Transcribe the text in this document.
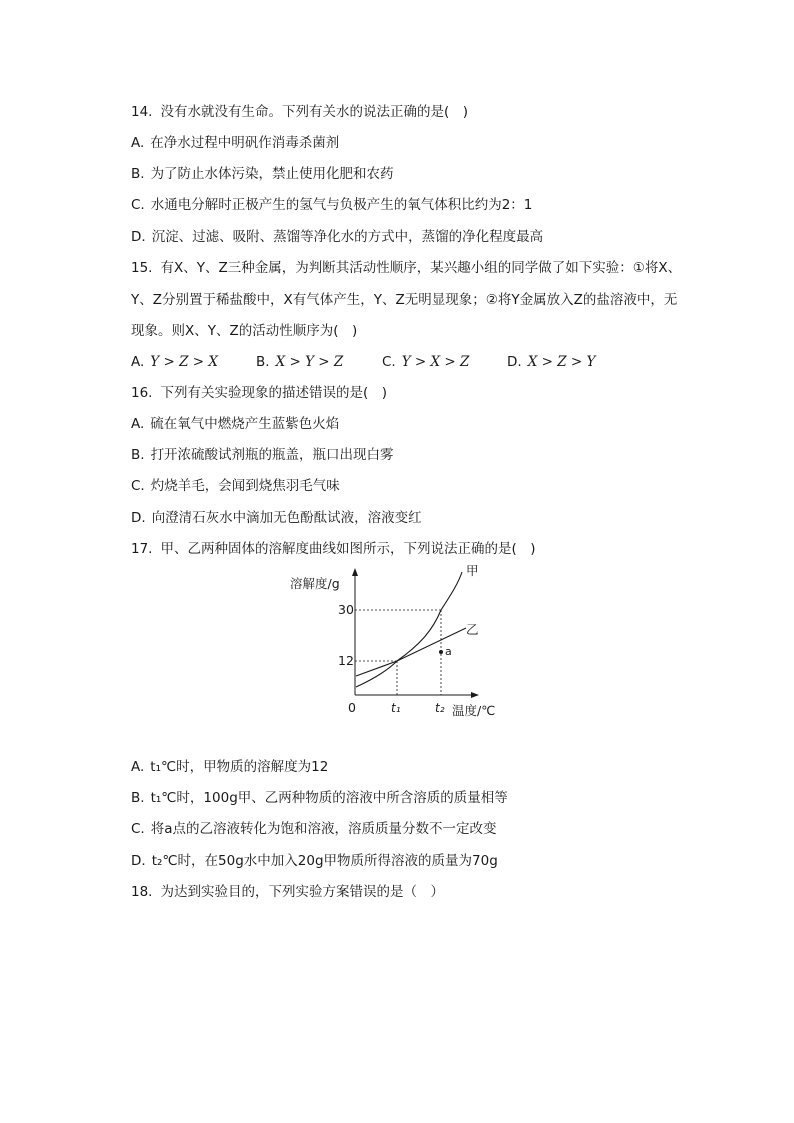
14. 没有水就没有生命。下列有关水的说法正确的是(　)
A. 在净水过程中明矾作消毒杀菌剂
B. 为了防止水体污染，禁止使用化肥和农药
C. 水通电分解时正极产生的氢气与负极产生的氧气体积比约为2：1
D. 沉淀、过滤、吸附、蒸馏等净化水的方式中，蒸馏的净化程度最高
15. 有X、Y、Z三种金属，为判断其活动性顺序，某兴趣小组的同学做了如下实验：①将X、
Y、Z分别置于稀盐酸中，X有气体产生，Y、Z无明显现象；②将Y金属放入Z的盐溶液中，无
现象。则X、Y、Z的活动性顺序为(　)
A. Y > Z > X	B. X > Y > Z	C. Y > X > Z	D. X > Z > Y
16. 下列有关实验现象的描述错误的是(　)
A. 硫在氧气中燃烧产生蓝紫色火焰
B. 打开浓硫酸试剂瓶的瓶盖，瓶口出现白雾
C. 灼烧羊毛，会闻到烧焦羽毛气味
D. 向澄清石灰水中滴加无色酚酞试液，溶液变红
17. 甲、乙两种固体的溶解度曲线如图所示，下列说法正确的是(　)
溶解度/g
30
12
0	t₁	t₂ 温度/℃
甲
乙
a
A. t₁℃时，甲物质的溶解度为12
B. t₁℃时，100g甲、乙两种物质的溶液中所含溶质的质量相等
C. 将a点的乙溶液转化为饱和溶液，溶质质量分数不一定改变
D. t₂℃时，在50g水中加入20g甲物质所得溶液的质量为70g
18. 为达到实验目的，下列实验方案错误的是（　）
